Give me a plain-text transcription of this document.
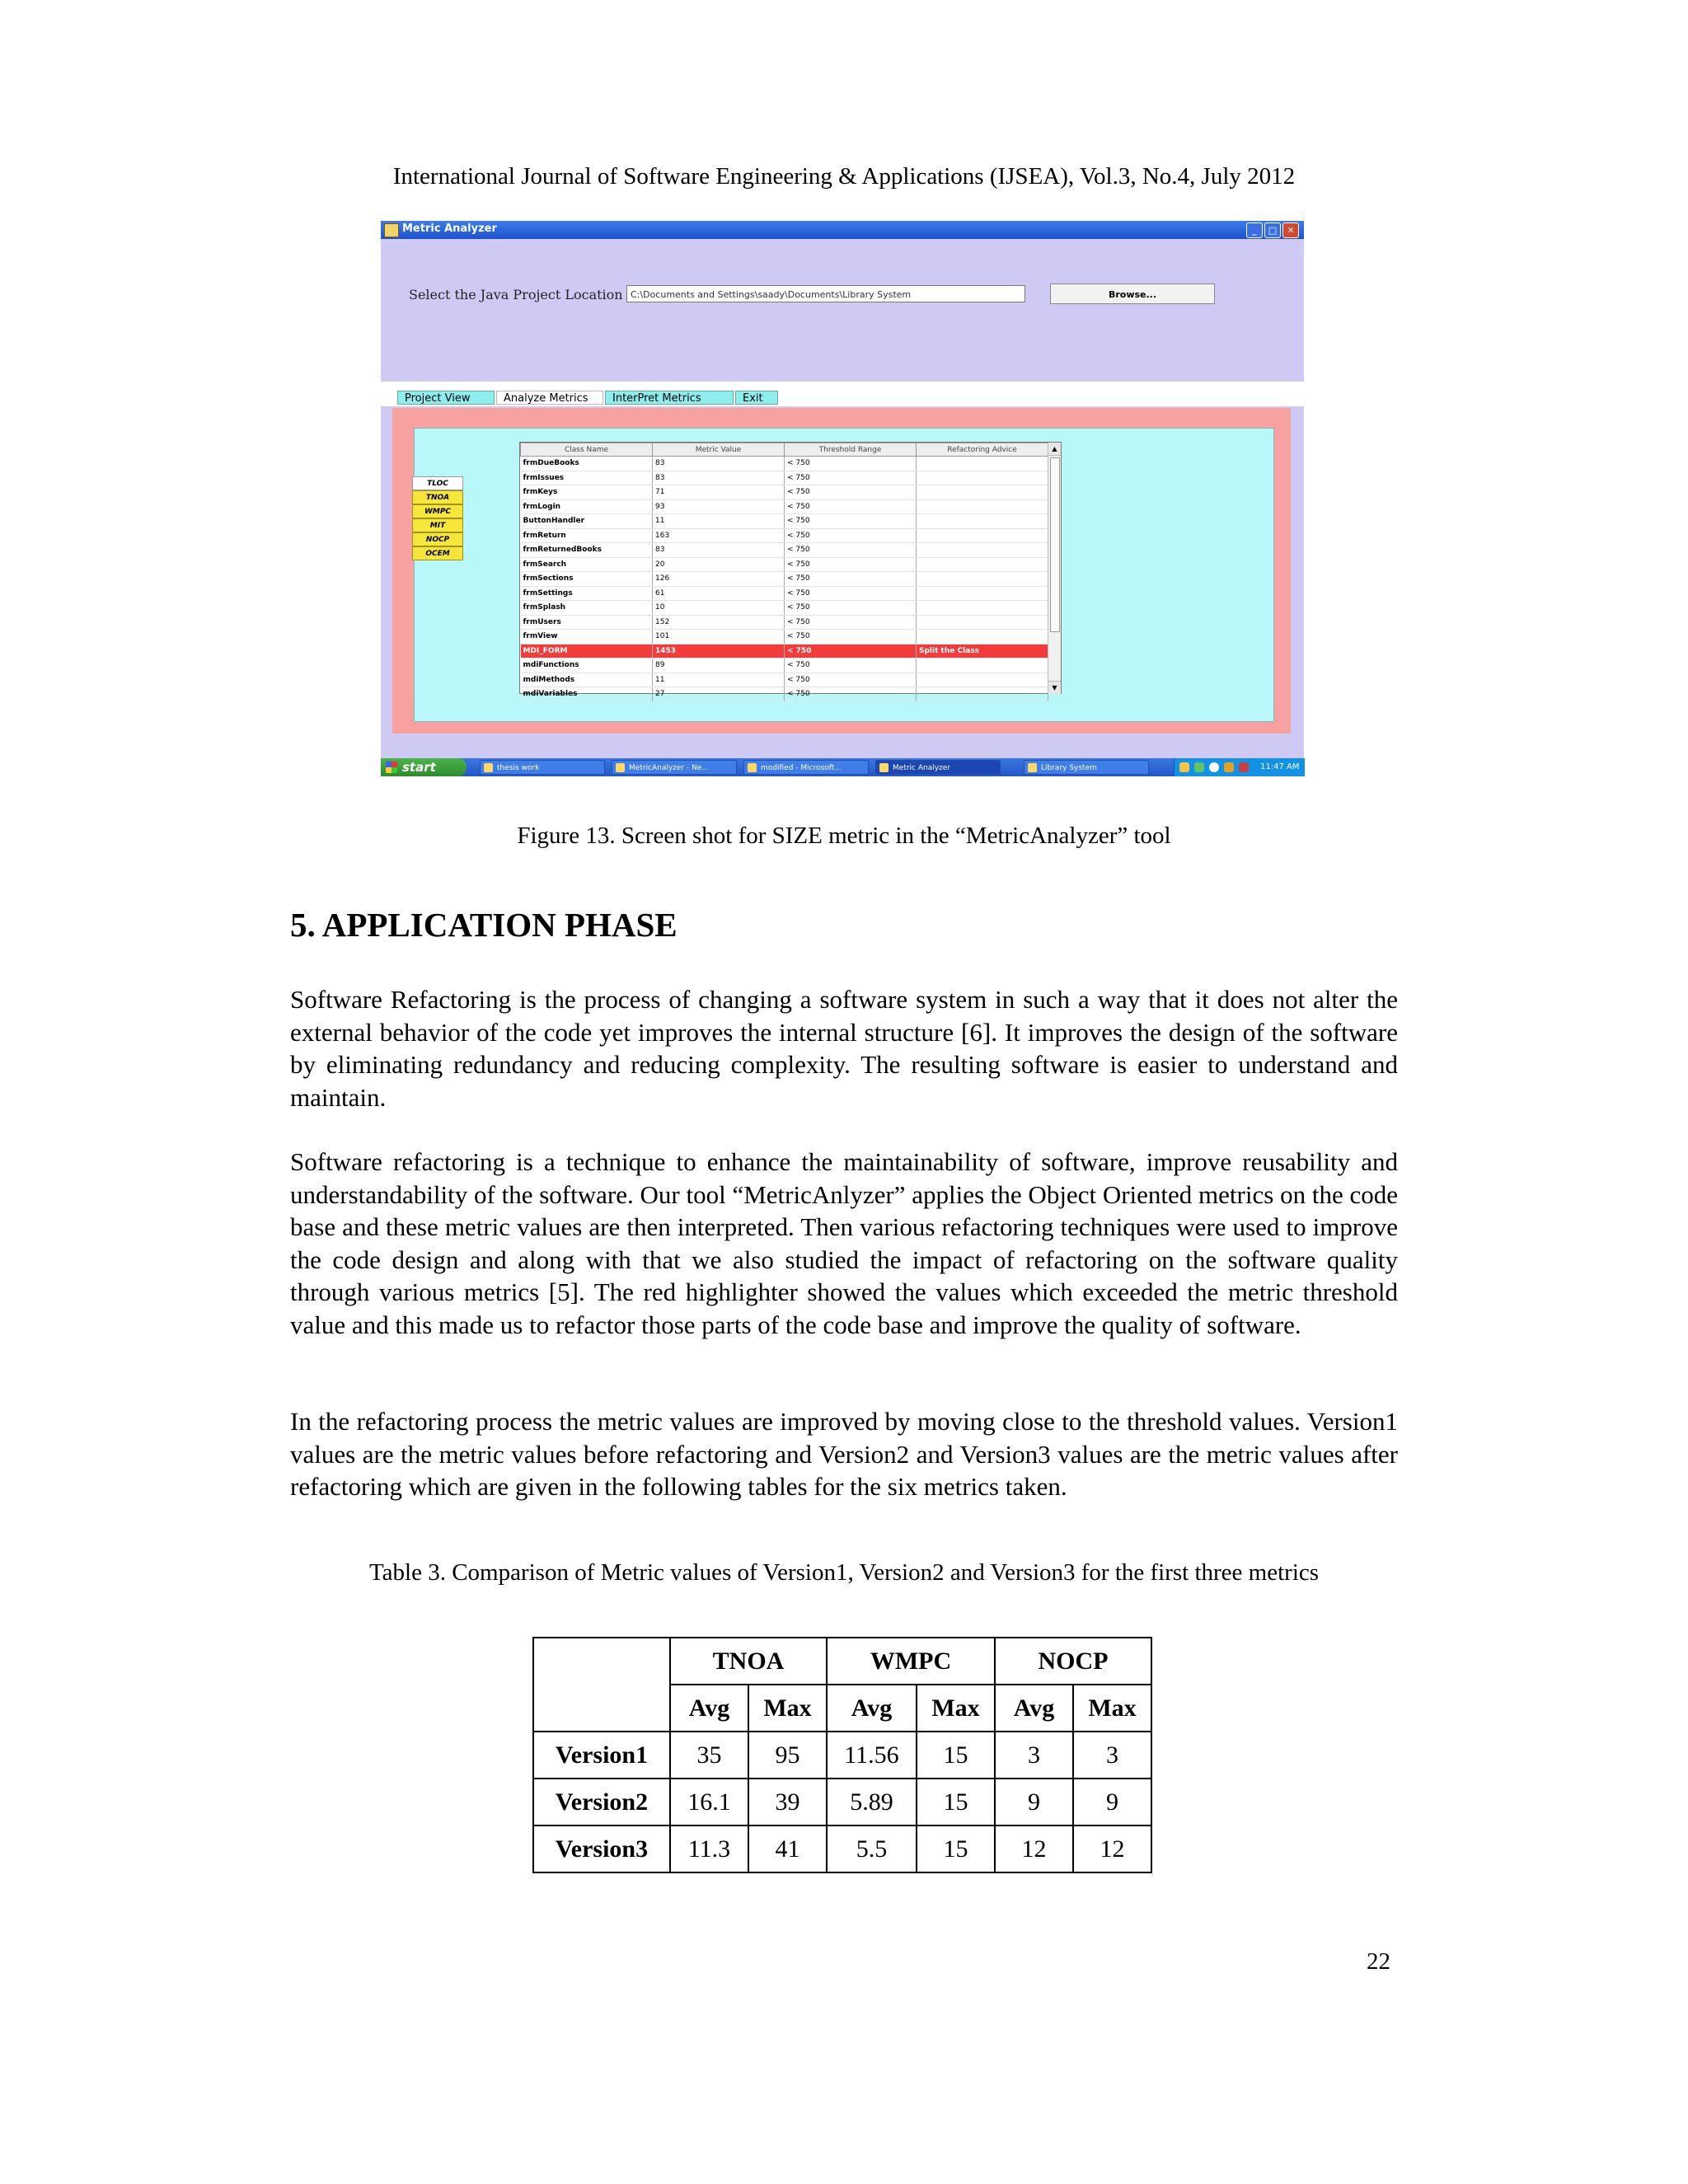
International Journal of Software Engineering & Applications (IJSEA), Vol.3, No.4, July 2012
Metric Analyzer	_	□	✕
Select the Java Project Location C:\Documents and Settings\saady\Documents\Library System	Browse...
Project View	Analyze Metrics	InterPret Metrics	Exit
TLOC
TNOA
WMPC
MIT
NOCP
OCEM
Class Name	Metric Value	Threshold Range	Refactoring Advice
frmDueBooks	83	< 750	
frmIssues	83	< 750	
frmKeys	71	< 750	
frmLogin	93	< 750	
ButtonHandler	11	< 750	
frmReturn	163	< 750	
frmReturnedBooks	83	< 750	
frmSearch	20	< 750	
frmSections	126	< 750	
frmSettings	61	< 750	
frmSplash	10	< 750	
frmUsers	152	< 750	
frmView	101	< 750	
MDI_FORM	1453	< 750	Split the Class
mdiFunctions	89	< 750	
mdiMethods	11	< 750	
mdiVariables	27	< 750	
▲
▼
start	thesis work	MetricAnalyzer - Ne...	modified - Microsoft...	Metric Analyzer	Library System	11:47 AM
Figure 13. Screen shot for SIZE metric in the “MetricAnalyzer” tool
5. APPLICATION PHASE

Software Refactoring is the process of changing a software system in such a way that it does not alter the external behavior of the code yet improves the internal structure [6]. It improves the design of the software by eliminating redundancy and reducing complexity. The resulting software is easier to understand and maintain.

Software refactoring is a technique to enhance the maintainability of software, improve reusability and understandability of the software. Our tool “MetricAnlyzer” applies the Object Oriented metrics on the code base and these metric values are then interpreted. Then various refactoring techniques were used to improve the code design and along with that we also studied the impact of refactoring on the software quality through various metrics [5]. The red highlighter showed the values which exceeded the metric threshold value and this made us to refactor those parts of the code base and improve the quality of software.

In the refactoring process the metric values are improved by moving close to the threshold values. Version1 values are the metric values before refactoring and Version2 and Version3 values are the metric values after refactoring which are given in the following tables for the six metrics taken.

Table 3. Comparison of Metric values of Version1, Version2 and Version3 for the first three metrics
	TNOA		WMPC		NOCP	
	Avg	Max	Avg	Max	Avg	Max
Version1	35	95	11.56	15	3	3
Version2	16.1	39	5.89	15	9	9
Version3	11.3	41	5.5	15	12	12
22
